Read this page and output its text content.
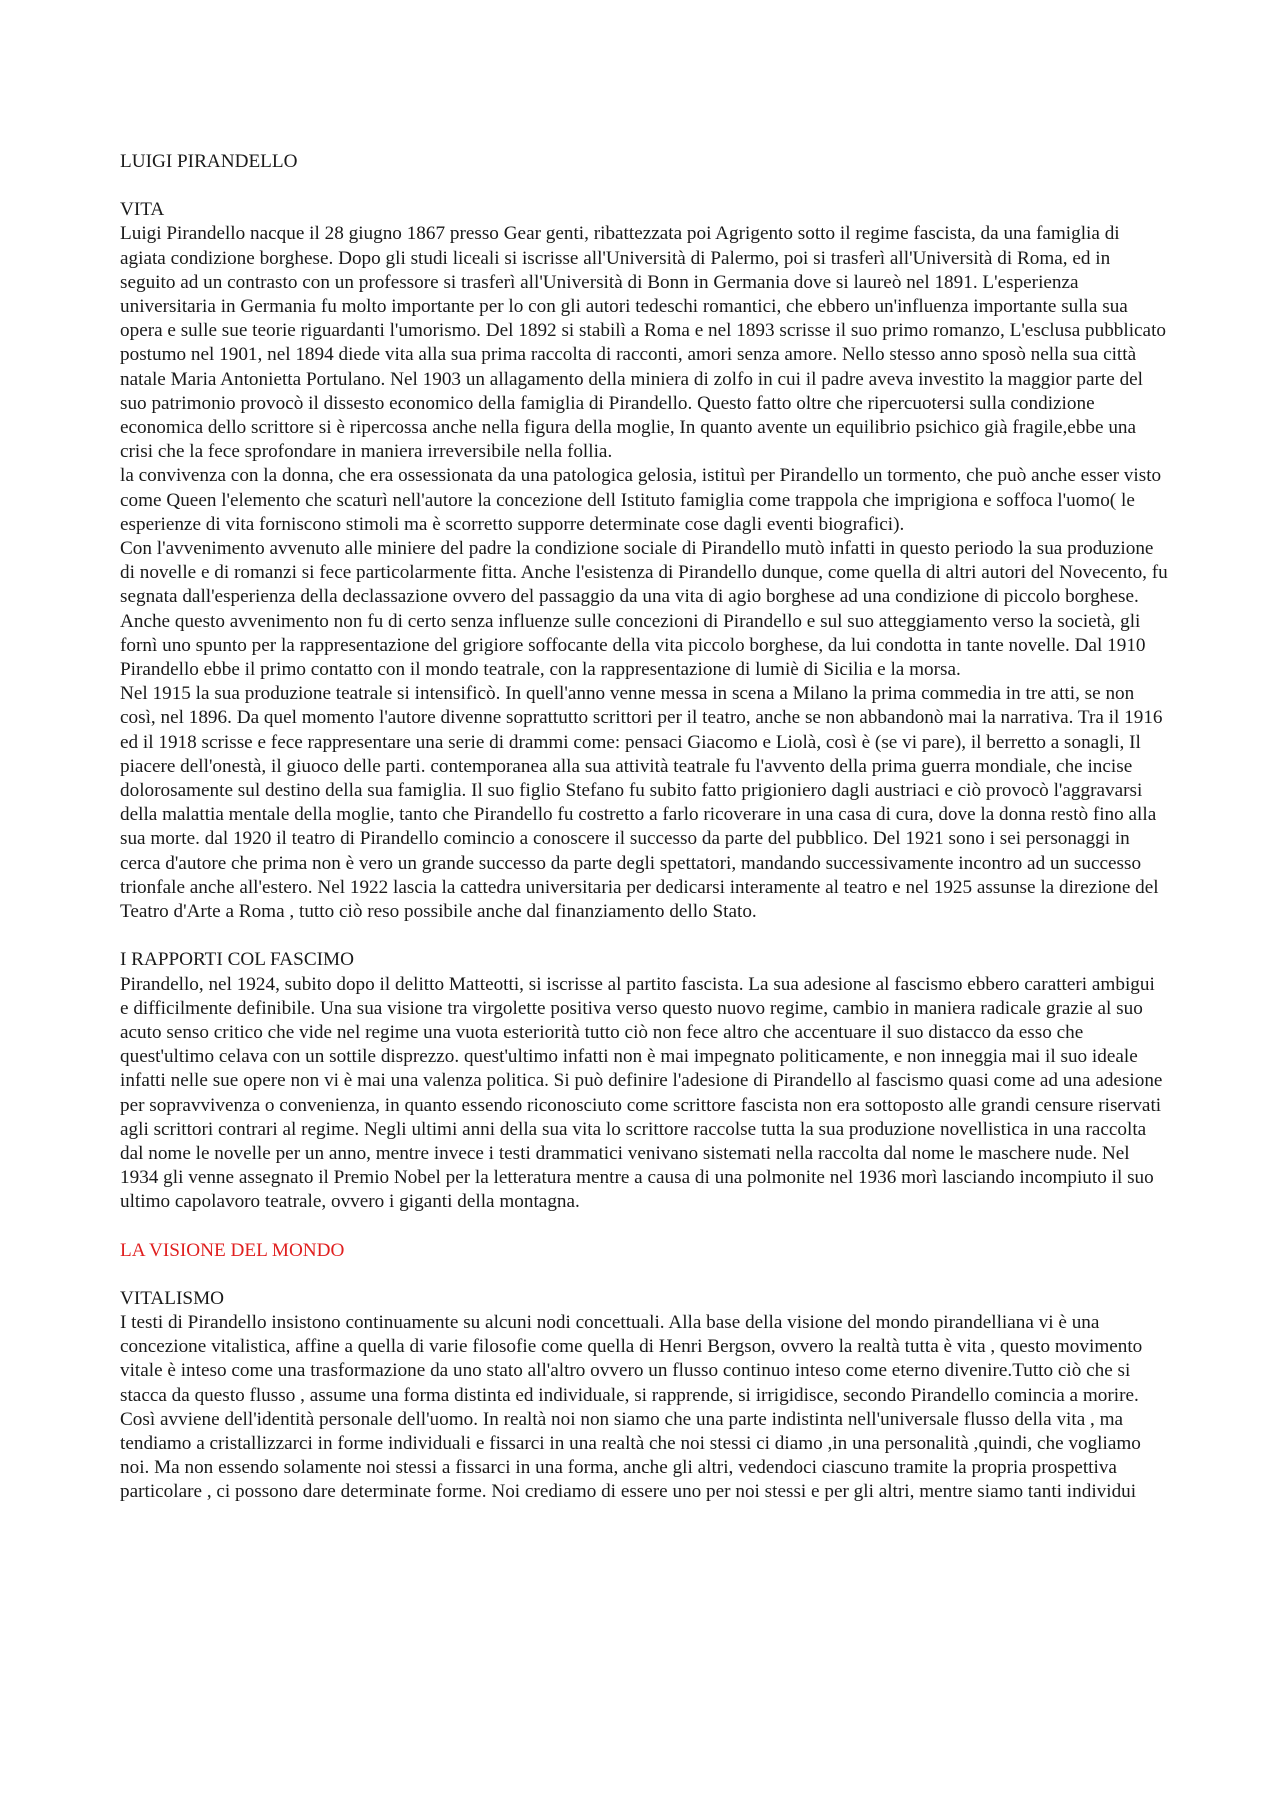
LUIGI PIRANDELLO
VITA

Luigi Pirandello nacque il 28 giugno 1867 presso Gear genti, ribattezzata poi Agrigento sotto il regime fascista, da una famiglia di agiata condizione borghese. Dopo gli studi liceali si iscrisse all'Università di Palermo, poi si trasferì all'Università di Roma, ed in seguito ad un contrasto con un professore si trasferì all'Università di Bonn in Germania dove si laureò nel 1891. L'esperienza universitaria in Germania fu molto importante per lo con gli autori tedeschi romantici, che ebbero un'influenza importante sulla sua opera e sulle sue teorie riguardanti l'umorismo. Del 1892 si stabilì a Roma e nel 1893 scrisse il suo primo romanzo, L'esclusa pubblicato postumo nel 1901, nel 1894 diede vita alla sua prima raccolta di racconti, amori senza amore. Nello stesso anno sposò nella sua città natale Maria Antonietta Portulano. Nel 1903 un allagamento della miniera di zolfo in cui il padre aveva investito la maggior parte del suo patrimonio provocò il dissesto economico della famiglia di Pirandello. Questo fatto oltre che ripercuotersi sulla condizione economica dello scrittore si è ripercossa anche nella figura della moglie, In quanto avente un equilibrio psichico già fragile,ebbe una crisi che la fece sprofondare in maniera irreversibile nella follia.

la convivenza con la donna, che era ossessionata da una patologica gelosia, istituì per Pirandello un tormento, che può anche esser visto come Queen l'elemento che scaturì nell'autore la concezione dell Istituto famiglia come trappola che imprigiona e soffoca l'uomo( le esperienze di vita forniscono stimoli ma è scorretto supporre determinate cose dagli eventi biografici).

Con l'avvenimento avvenuto alle miniere del padre la condizione sociale di Pirandello mutò infatti in questo periodo la sua produzione di novelle e di romanzi si fece particolarmente fitta. Anche l'esistenza di Pirandello dunque, come quella di altri autori del Novecento, fu segnata dall'esperienza della declassazione ovvero del passaggio da una vita di agio borghese ad una condizione di piccolo borghese. Anche questo avvenimento non fu di certo senza influenze sulle concezioni di Pirandello e sul suo atteggiamento verso la società, gli fornì uno spunto per la rappresentazione del grigiore soffocante della vita piccolo borghese, da lui condotta in tante novelle. Dal 1910 Pirandello ebbe il primo contatto con il mondo teatrale, con la rappresentazione di lumiè di Sicilia e la morsa.

Nel 1915 la sua produzione teatrale si intensificò. In quell'anno venne messa in scena a Milano la prima commedia in tre atti, se non così, nel 1896. Da quel momento l'autore divenne soprattutto scrittori per il teatro, anche se non abbandonò mai la narrativa. Tra il 1916 ed il 1918 scrisse e fece rappresentare una serie di drammi come: pensaci Giacomo e Liolà, così è (se vi pare), il berretto a sonagli, Il piacere dell'onestà, il giuoco delle parti. contemporanea alla sua attività teatrale fu l'avvento della prima guerra mondiale, che incise dolorosamente sul destino della sua famiglia. Il suo figlio Stefano fu subito fatto prigioniero dagli austriaci e ciò provocò l'aggravarsi della malattia mentale della moglie, tanto che Pirandello fu costretto a farlo ricoverare in una casa di cura, dove la donna restò fino alla sua morte. dal 1920 il teatro di Pirandello comincio a conoscere il successo da parte del pubblico. Del 1921 sono i sei personaggi in cerca d'autore che prima non è vero un grande successo da parte degli spettatori, mandando successivamente incontro ad un successo trionfale anche all'estero. Nel 1922 lascia la cattedra universitaria per dedicarsi interamente al teatro e nel 1925 assunse la direzione del Teatro d'Arte a Roma , tutto ciò reso possibile anche dal finanziamento dello Stato.

I RAPPORTI COL FASCIMO

Pirandello, nel 1924, subito dopo il delitto Matteotti, si iscrisse al partito fascista. La sua adesione al fascismo ebbero caratteri ambigui e difficilmente definibile. Una sua visione tra virgolette positiva verso questo nuovo regime, cambio in maniera radicale grazie al suo acuto senso critico che vide nel regime una vuota esteriorità tutto ciò non fece altro che accentuare il suo distacco da esso che quest'ultimo celava con un sottile disprezzo. quest'ultimo infatti non è mai impegnato politicamente, e non inneggia mai il suo ideale infatti nelle sue opere non vi è mai una valenza politica. Si può definire l'adesione di Pirandello al fascismo quasi come ad una adesione per sopravvivenza o convenienza, in quanto essendo riconosciuto come scrittore fascista non era sottoposto alle grandi censure riservati agli scrittori contrari al regime. Negli ultimi anni della sua vita lo scrittore raccolse tutta la sua produzione novellistica in una raccolta dal nome le novelle per un anno, mentre invece i testi drammatici venivano sistemati nella raccolta dal nome le maschere nude. Nel 1934 gli venne assegnato il Premio Nobel per la letteratura mentre a causa di una polmonite nel 1936 morì lasciando incompiuto il suo ultimo capolavoro teatrale, ovvero i giganti della montagna.

LA VISIONE DEL MONDO
VITALISMO

I testi di Pirandello insistono continuamente su alcuni nodi concettuali. Alla base della visione del mondo pirandelliana vi è una concezione vitalistica, affine a quella di varie filosofie come quella di Henri Bergson, ovvero la realtà tutta è vita , questo movimento vitale è inteso come una trasformazione da uno stato all'altro ovvero un flusso continuo inteso come eterno divenire.Tutto ciò che si stacca da questo flusso , assume una forma distinta ed individuale, si rapprende, si irrigidisce, secondo Pirandello comincia a morire. Così avviene dell'identità personale dell'uomo. In realtà noi non siamo che una parte indistinta nell'universale flusso della vita , ma tendiamo a cristallizzarci in forme individuali e fissarci in una realtà che noi stessi ci diamo ,in una personalità ,quindi, che vogliamo noi. Ma non essendo solamente noi stessi a fissarci in una forma, anche gli altri, vedendoci ciascuno tramite la propria prospettiva particolare , ci possono dare determinate forme. Noi crediamo di essere uno per noi stessi e per gli altri, mentre siamo tanti individui
